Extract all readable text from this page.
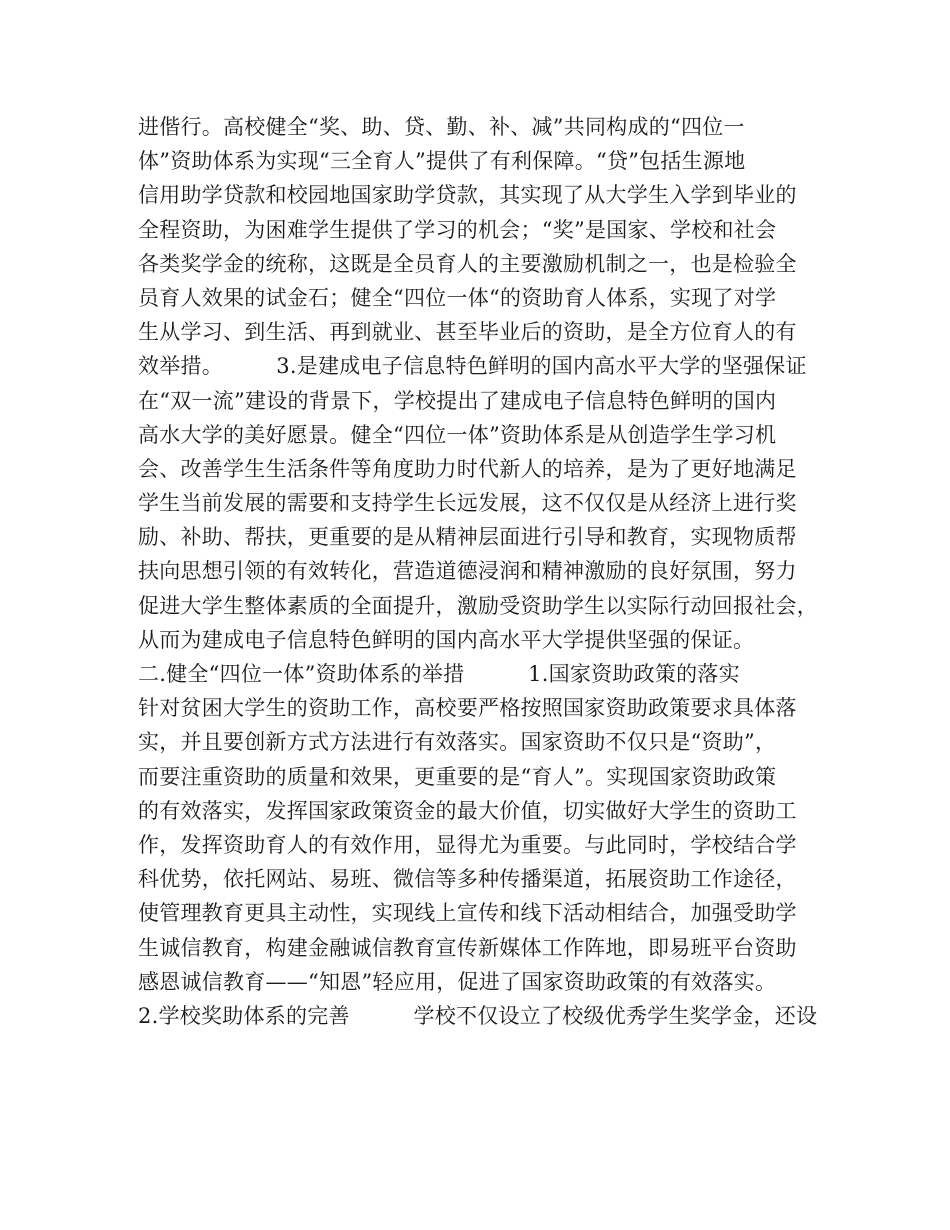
进偕行。高校健全“奖、助、贷、勤、补、减”共同构成的“四位一
体”资助体系为实现“三全育人”提供了有利保障。“贷”包括生源地
信用助学贷款和校园地国家助学贷款，其实现了从大学生入学到毕业的
全程资助，为困难学生提供了学习的机会；“奖”是国家、学校和社会
各类奖学金的统称，这既是全员育人的主要激励机制之一，也是检验全
员育人效果的试金石；健全“四位一体“的资助育人体系，实现了对学
生从学习、到生活、再到就业、甚至毕业后的资助，是全方位育人的有
效举措。　　　3.是建成电子信息特色鲜明的国内高水平大学的坚强保证
在“双一流”建设的背景下，学校提出了建成电子信息特色鲜明的国内
高水大学的美好愿景。健全“四位一体”资助体系是从创造学生学习机
会、改善学生生活条件等角度助力时代新人的培养，是为了更好地满足
学生当前发展的需要和支持学生长远发展，这不仅仅是从经济上进行奖
励、补助、帮扶，更重要的是从精神层面进行引导和教育，实现物质帮
扶向思想引领的有效转化，营造道德浸润和精神激励的良好氛围，努力
促进大学生整体素质的全面提升，激励受资助学生以实际行动回报社会，
从而为建成电子信息特色鲜明的国内高水平大学提供坚强的保证。
二.健全“四位一体”资助体系的举措　　　1.国家资助政策的落实
针对贫困大学生的资助工作，高校要严格按照国家资助政策要求具体落
实，并且要创新方式方法进行有效落实。国家资助不仅只是“资助”，
而要注重资助的质量和效果，更重要的是“育人”。实现国家资助政策
的有效落实，发挥国家政策资金的最大价值，切实做好大学生的资助工
作，发挥资助育人的有效作用，显得尤为重要。与此同时，学校结合学
科优势，依托网站、易班、微信等多种传播渠道，拓展资助工作途径，
使管理教育更具主动性，实现线上宣传和线下活动相结合，加强受助学
生诚信教育，构建金融诚信教育宣传新媒体工作阵地，即易班平台资助
感恩诚信教育——“知恩”轻应用，促进了国家资助政策的有效落实。
2.学校奖助体系的完善　　　学校不仅设立了校级优秀学生奖学金，还设
